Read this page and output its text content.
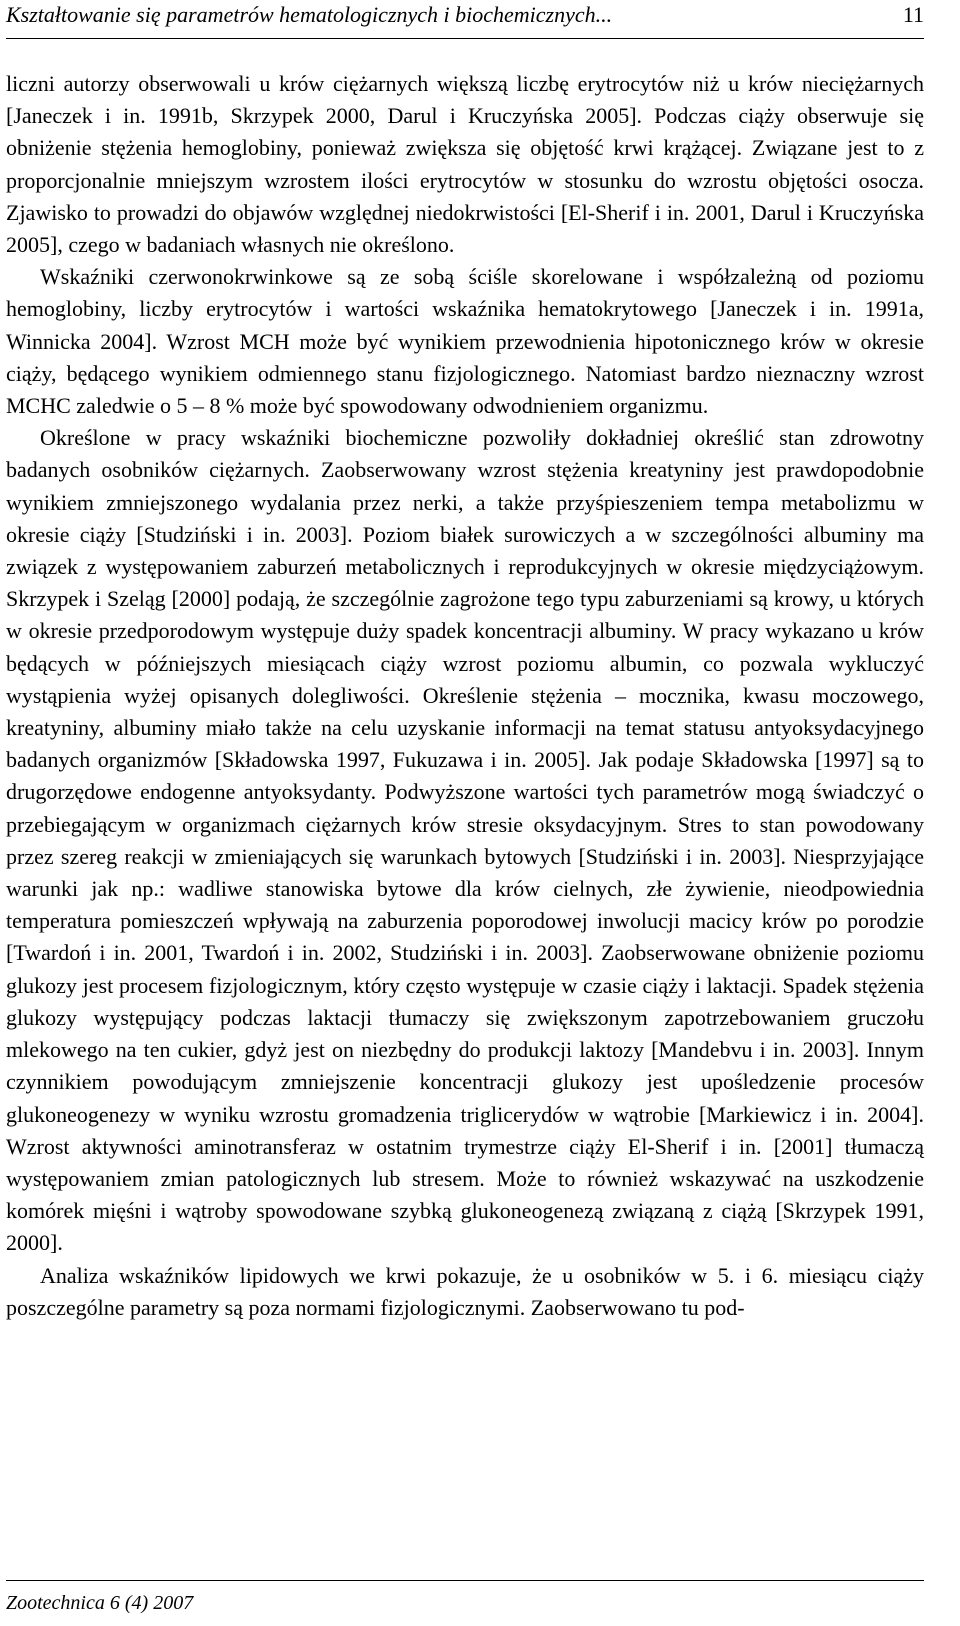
Kształtowanie się parametrów hematologicznych i biochemicznych...	11

liczni autorzy obserwowali u krów ciężarnych większą liczbę erytrocytów niż u krów nieciężarnych [Janeczek i in. 1991b, Skrzypek 2000, Darul i Kruczyńska 2005]. Podczas ciąży obserwuje się obniżenie stężenia hemoglobiny, ponieważ zwiększa się objętość krwi krążącej. Związane jest to z proporcjonalnie mniejszym wzrostem ilości erytrocytów w stosunku do wzrostu objętości osocza. Zjawisko to prowadzi do objawów względnej niedokrwistości [El-Sherif i in. 2001, Darul i Kruczyńska 2005], czego w badaniach własnych nie określono.

Wskaźniki czerwonokrwinkowe są ze sobą ściśle skorelowane i współzależną od poziomu hemoglobiny, liczby erytrocytów i wartości wskaźnika hematokrytowego [Janeczek i in. 1991a, Winnicka 2004]. Wzrost MCH może być wynikiem przewodnienia hipotonicznego krów w okresie ciąży, będącego wynikiem odmiennego stanu fizjologicznego. Natomiast bardzo nieznaczny wzrost MCHC zaledwie o 5 – 8 % może być spowodowany odwodnieniem organizmu.

Określone w pracy wskaźniki biochemiczne pozwoliły dokładniej określić stan zdrowotny badanych osobników ciężarnych. Zaobserwowany wzrost stężenia kreatyniny jest prawdopodobnie wynikiem zmniejszonego wydalania przez nerki, a także przyśpieszeniem tempa metabolizmu w okresie ciąży [Studziński i in. 2003]. Poziom białek surowiczych a w szczególności albuminy ma związek z występowaniem zaburzeń metabolicznych i reprodukcyjnych w okresie międzyciążowym. Skrzypek i Szeląg [2000] podają, że szczególnie zagrożone tego typu zaburzeniami są krowy, u których w okresie przedporodowym występuje duży spadek koncentracji albuminy. W pracy wykazano u krów będących w późniejszych miesiącach ciąży wzrost poziomu albumin, co pozwala wykluczyć wystąpienia wyżej opisanych dolegliwości. Określenie stężenia – mocznika, kwasu moczowego, kreatyniny, albuminy miało także na celu uzyskanie informacji na temat statusu antyoksydacyjnego badanych organizmów [Składowska 1997, Fukuzawa i in. 2005]. Jak podaje Składowska [1997] są to drugorzędowe endogenne antyoksydanty. Podwyższone wartości tych parametrów mogą świadczyć o przebiegającym w organizmach ciężarnych krów stresie oksydacyjnym. Stres to stan powodowany przez szereg reakcji w zmieniających się warunkach bytowych [Studziński i in. 2003]. Niesprzyjające warunki jak np.: wadliwe stanowiska bytowe dla krów cielnych, złe żywienie, nieodpowiednia temperatura pomieszczeń wpływają na zaburzenia poporodowej inwolucji macicy krów po porodzie [Twardoń i in. 2001, Twardoń i in. 2002, Studziński i in. 2003]. Zaobserwowane obniżenie poziomu glukozy jest procesem fizjologicznym, który często występuje w czasie ciąży i laktacji. Spadek stężenia glukozy występujący podczas laktacji tłumaczy się zwiększonym zapotrzebowaniem gruczołu mlekowego na ten cukier, gdyż jest on niezbędny do produkcji laktozy [Mandebvu i in. 2003]. Innym czynnikiem powodującym zmniejszenie koncentracji glukozy jest upośledzenie procesów glukoneogenezy w wyniku wzrostu gromadzenia triglicerydów w wątrobie [Markiewicz i in. 2004]. Wzrost aktywności aminotransferaz w ostatnim trymestrze ciąży El-Sherif i in. [2001] tłumaczą występowaniem zmian patologicznych lub stresem. Może to również wskazywać na uszkodzenie komórek mięśni i wątroby spowodowane szybką glukoneogenezą związaną z ciążą [Skrzypek 1991, 2000].

Analiza wskaźników lipidowych we krwi pokazuje, że u osobników w 5. i 6. miesiącu ciąży poszczególne parametry są poza normami fizjologicznymi. Zaobserwowano tu pod-

Zootechnica 6 (4) 2007
